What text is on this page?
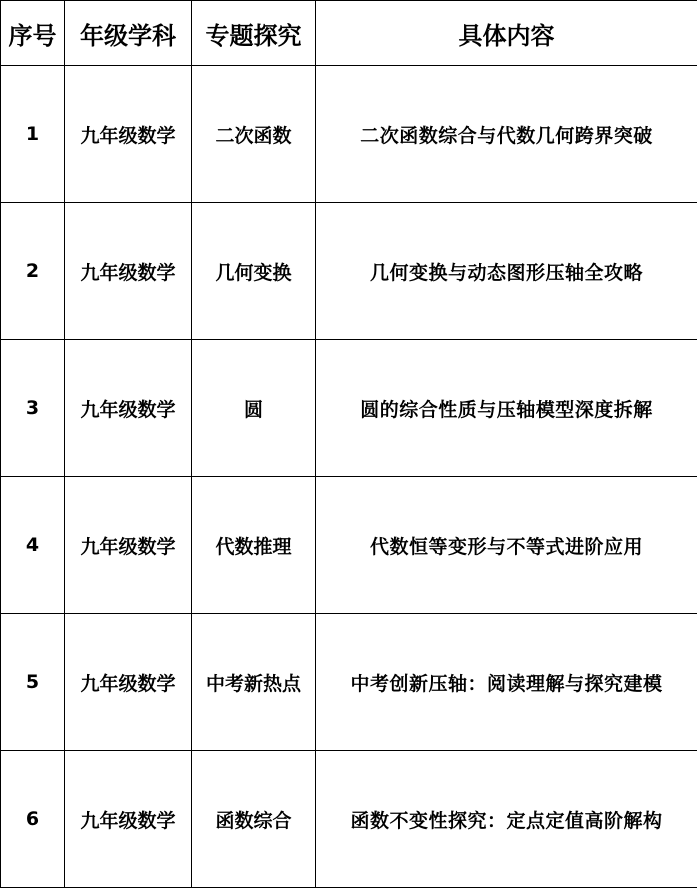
序号	年级学科	专题探究	具体内容
1	九年级数学	二次函数	二次函数综合与代数几何跨界突破
2	九年级数学	几何变换	几何变换与动态图形压轴全攻略
3	九年级数学	圆	圆的综合性质与压轴模型深度拆解
4	九年级数学	代数推理	代数恒等变形与不等式进阶应用
5	九年级数学	中考新热点	中考创新压轴：阅读理解与探究建模
6	九年级数学	函数综合	函数不变性探究：定点定值高阶解构
